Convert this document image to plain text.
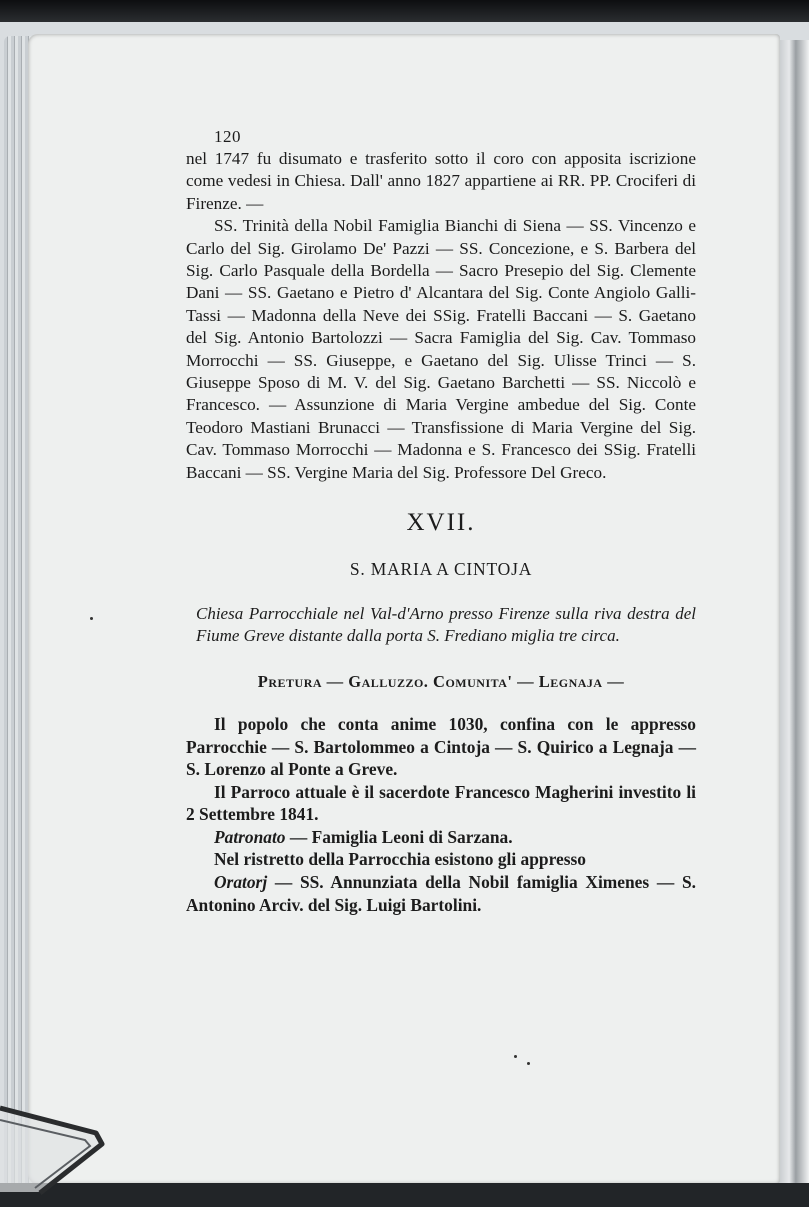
120

nel 1747 fu disumato e trasferito sotto il coro con apposita iscrizione come vedesi in Chiesa. Dall' anno 1827 appartiene ai RR. PP. Crociferi di Firenze. —

SS. Trinità della Nobil Famiglia Bianchi di Siena — SS. Vincenzo e Carlo del Sig. Girolamo De' Pazzi — SS. Concezione, e S. Barbera del Sig. Carlo Pasquale della Bordella — Sacro Presepio del Sig. Clemente Dani — SS. Gaetano e Pietro d' Alcantara del Sig. Conte Angiolo Galli-Tassi — Madonna della Neve dei SSig. Fratelli Baccani — S. Gaetano del Sig. Antonio Bartolozzi — Sacra Famiglia del Sig. Cav. Tommaso Morrocchi — SS. Giuseppe, e Gaetano del Sig. Ulisse Trinci — S. Giuseppe Sposo di M. V. del Sig. Gaetano Barchetti — SS. Niccolò e Francesco. — Assunzione di Maria Vergine ambedue del Sig. Conte Teodoro Mastiani Brunacci — Transfissione di Maria Vergine del Sig. Cav. Tommaso Morrocchi — Madonna e S. Francesco dei SSig. Fratelli Baccani — SS. Vergine Maria del Sig. Professore Del Greco.

XVII.
S. MARIA A CINTOJA

Chiesa Parrocchiale nel Val-d'Arno presso Firenze sulla riva destra del Fiume Greve distante dalla porta S. Frediano miglia tre circa.

Pretura — Galluzzo. Comunita' — Legnaja —

Il popolo che conta anime 1030, confina con le appresso Parrocchie — S. Bartolommeo a Cintoja — S. Quirico a Legnaja — S. Lorenzo al Ponte a Greve.

Il Parroco attuale è il sacerdote Francesco Magherini investito li 2 Settembre 1841.

Patronato — Famiglia Leoni di Sarzana.

Nel ristretto della Parrocchia esistono gli appresso

Oratorj — SS. Annunziata della Nobil famiglia Ximenes — S. Antonino Arciv. del Sig. Luigi Bartolini.
